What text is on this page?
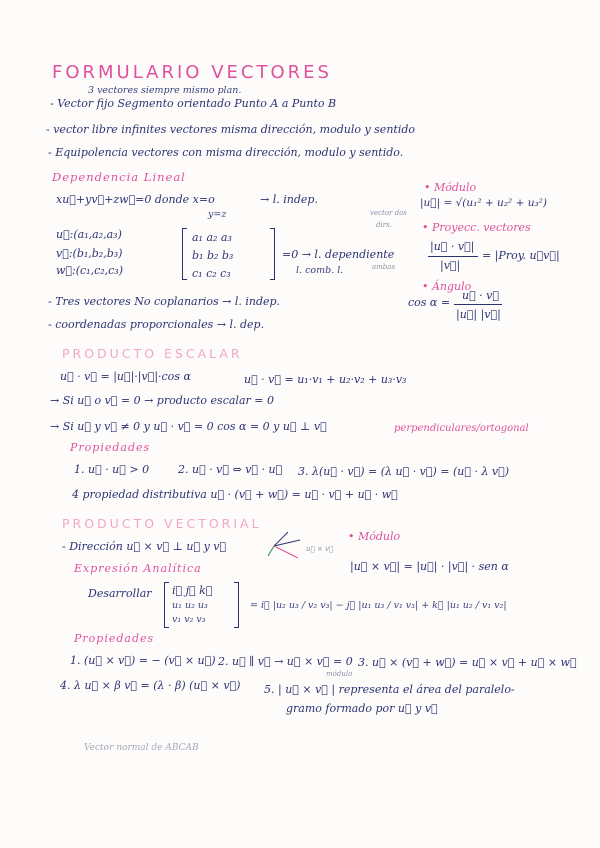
FORMULARIO VECTORES
3 vectores siempre mismo plan.
- Vector fijo Segmento orientado Punto A a Punto B
- vector libre infinites vectores misma dirección, modulo y sentido
- Equipolencia vectores con misma dirección, modulo y sentido.
Dependencia Lineal
xu⃗+yv⃗+zw⃗=0 donde x=o	→ l. indep.
y=z
u⃗:(a₁,a₂,a₃)
v⃗:(b₁,b₂,b₃)
w⃗:(c₁,c₂,c₃)
a₁ a₂ a₃
b₁ b₂ b₃
c₁ c₂ c₃
=0 → l. dependiente
l. comb. l.
vector dos
dirs.
ambas
- Tres vectores No coplanarios → l. indep.
- coordenadas proporcionales → l. dep.
• Módulo
|u⃗| = √(u₁² + u₂² + u₃²)
• Proyecc. vectores
|u⃗ · v⃗|
|v⃗|
= |Proy. u⃗v⃗|
• Ángulo
cos α =
u⃗ · v⃗
|u⃗| |v⃗|
PRODUCTO ESCALAR
u⃗ · v⃗ = |u⃗|·|v⃗|·cos α	u⃗ · v⃗ = u₁·v₁ + u₂·v₂ + u₃·v₃
→ Si u⃗ o v⃗ = 0 → producto escalar = 0
→ Si u⃗ y v⃗ ≠ 0 y u⃗ · v⃗ = 0 cos α = 0 y u⃗ ⊥ v⃗	perpendiculares/ortogonal
Propiedades
1. u⃗ · u⃗ > 0	2. u⃗ · v⃗ ⇔ v⃗ · u⃗ 3. λ(u⃗ · v⃗) = (λ u⃗ · v⃗) = (u⃗ · λ v⃗)
4 propiedad distributiva u⃗ · (v⃗ + w⃗) = u⃗ · v⃗ + u⃗ · w⃗
PRODUCTO VECTORIAL
- Dirección u⃗ × v⃗ ⊥ u⃗ y v⃗	u⃗ × v⃗
• Módulo
|u⃗ × v⃗| = |u⃗| · |v⃗| · sen α
Expresión Analítica
Desarrollar i⃗ j⃗ k⃗
u₁ u₂ u₃
v₁ v₂ v₃
= i⃗ |u₂ u₃ / v₂ v₃| − j⃗ |u₁ u₃ / v₁ v₃| + k⃗ |u₁ u₂ / v₁ v₂|
Propiedades
1. (u⃗ × v⃗) = − (v⃗ × u⃗) 2. u⃗ ∥ v⃗ → u⃗ × v⃗ = 0 3. u⃗ × (v⃗ + w⃗) = u⃗ × v⃗ + u⃗ × w⃗
4. λ u⃗ × β v⃗ = (λ · β) (u⃗ × v⃗) 5. | u⃗ × v⃗ | representa el área del paralelo-
módulo
gramo formado por u⃗ y v⃗
Vector normal de ABCAB
